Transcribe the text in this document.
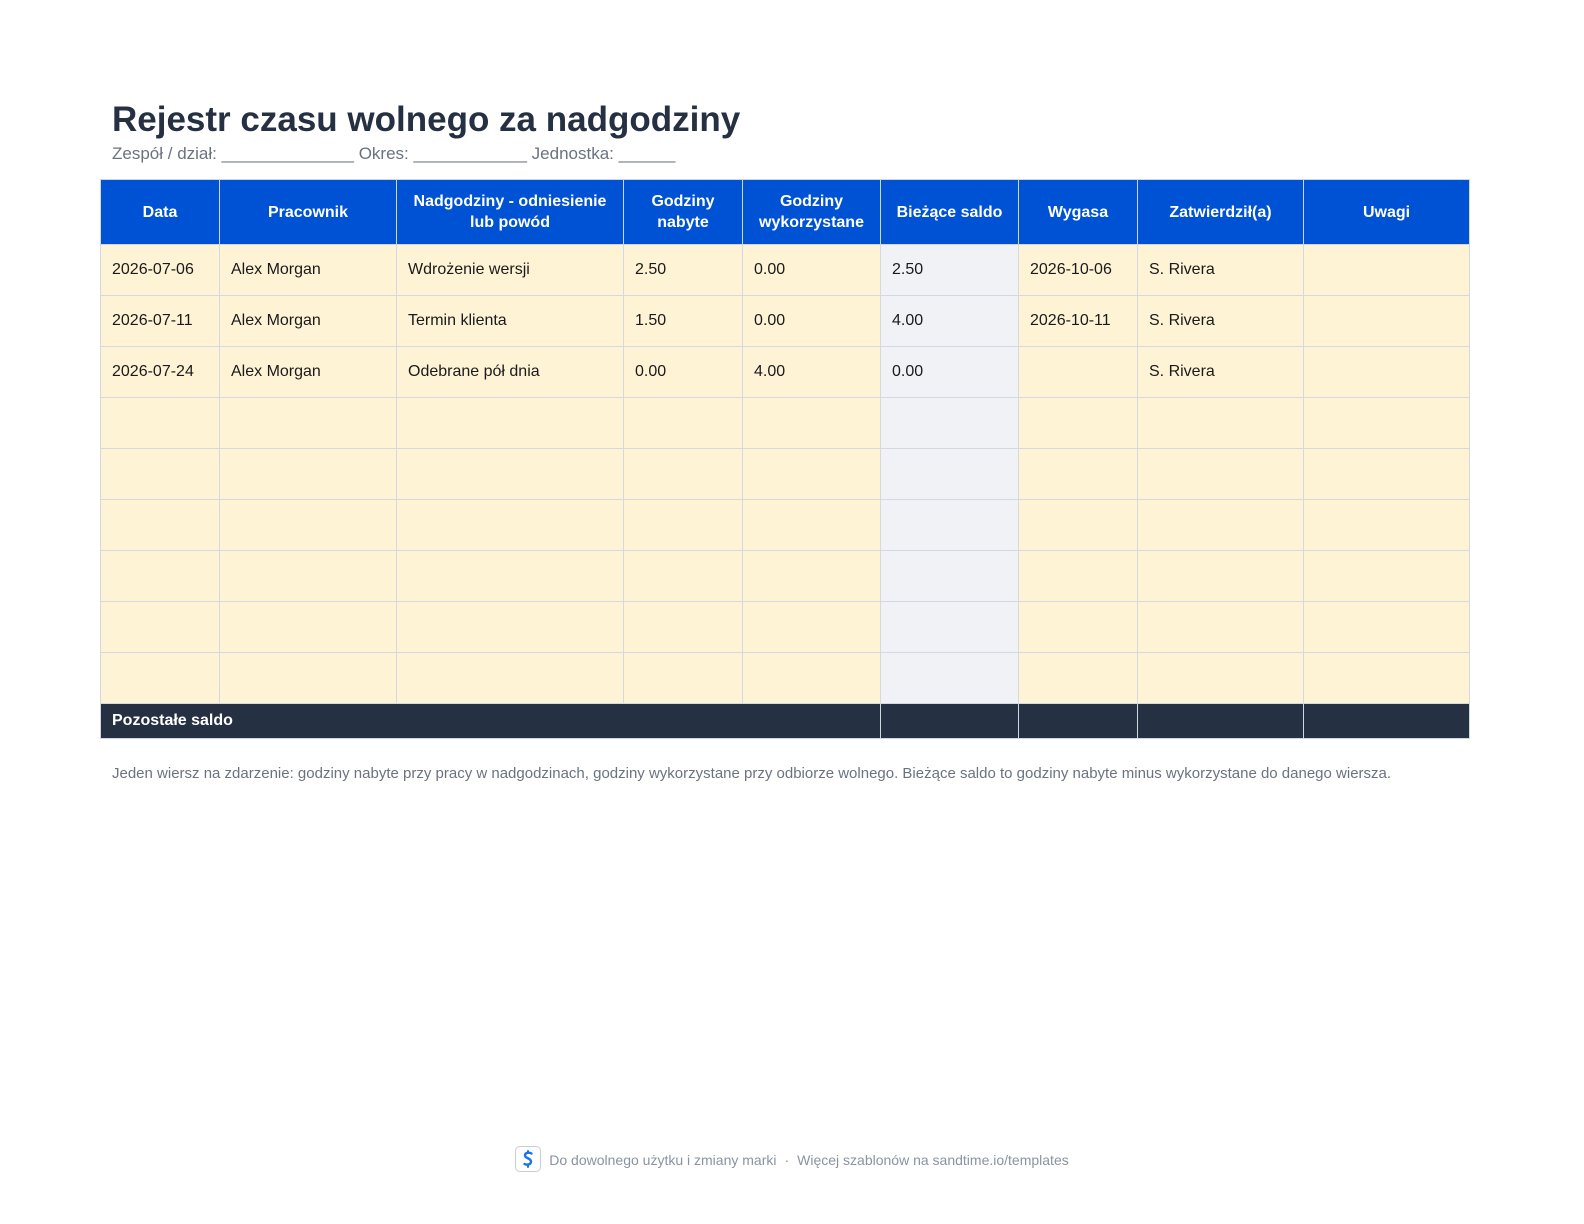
Rejestr czasu wolnego za nadgodziny
Zespół / dział: ______________ Okres: ____________ Jednostka: ______
Data	Pracownik	Nadgodziny - odniesienie lub powód	Godziny nabyte	Godziny wykorzystane	Bieżące saldo	Wygasa	Zatwierdził(a)	Uwagi
2026-07-06	Alex Morgan	Wdrożenie wersji	2.50	0.00	2.50	2026-10-06	S. Rivera	
2026-07-11	Alex Morgan	Termin klienta	1.50	0.00	4.00	2026-10-11	S. Rivera	
2026-07-24	Alex Morgan	Odebrane pół dnia	0.00	4.00	0.00		S. Rivera	

Pozostałe saldo								
Jeden wiersz na zdarzenie: godziny nabyte przy pracy w nadgodzinach, godziny wykorzystane przy odbiorze wolnego. Bieżące saldo to godziny nabyte minus wykorzystane do danego wiersza.
Do dowolnego użytku i zmiany marki · Więcej szablonów na sandtime.io/templates
